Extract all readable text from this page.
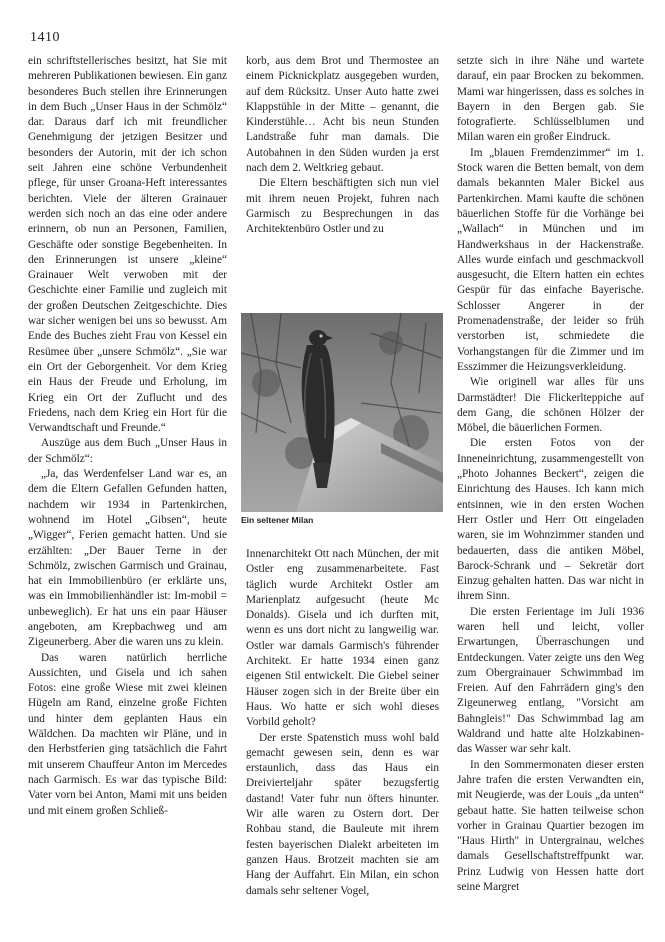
1410

ein schriftstellerisches besitzt, hat Sie mit mehreren Publikationen bewiesen. Ein ganz besonderes Buch stellen ihre Erinnerungen in dem Buch „Unser Haus in der Schmölz“ dar. Daraus darf ich mit freundlicher Genehmigung der jetzigen Besitzer und besonders der Autorin, mit der ich schon seit Jahren eine schöne Verbundenheit pflege, für unser Groana-Heft interessantes berichten. Viele der älteren Grainauer werden sich noch an das eine oder andere erinnern, ob nun an Personen, Familien, Geschäfte oder sonstige Begebenheiten. In den Erinnerungen ist unsere „kleine“ Grainauer Welt verwoben mit der Geschichte einer Familie und zugleich mit der großen Deutschen Zeitgeschichte. Dies war sicher wenigen bei uns so bewusst. Am Ende des Buches zieht Frau von Kessel ein Resümee über „unsere Schmölz“. „Sie war ein Ort der Geborgenheit. Vor dem Krieg ein Haus der Freude und Erholung, im Krieg ein Ort der Zuflucht und des Friedens, nach dem Krieg ein Hort für die Verwandtschaft und Freunde.“

Auszüge aus dem Buch „Unser Haus in der Schmölz“:

„Ja, das Werdenfelser Land war es, an dem die Eltern Gefallen Gefunden hatten, nachdem wir 1934 in Partenkirchen, wohnend im Hotel „Gibsen“, heute „Wigger“, Ferien gemacht hatten. Und sie erzählten: „Der Bauer Terne in der Schmölz, zwischen Garmisch und Grainau, hat ein Immobilienbüro (er erklärte uns, was ein Immobilienhändler ist: Im-mobil = unbeweglich). Er hat uns ein paar Häuser angeboten, am Krepbachweg und am Zigeunerberg. Aber die waren uns zu klein.

Das waren natürlich herrliche Aussichten, und Gisela und ich sahen Fotos: eine große Wiese mit zwei kleinen Hügeln am Rand, einzelne große Fichten und hinter dem geplanten Haus ein Wäldchen. Da machten wir Pläne, und in den Herbstferien ging tatsächlich die Fahrt mit unserem Chauffeur Anton im Mercedes nach Garmisch. Es war das typische Bild: Vater vorn bei Anton, Mami mit uns beiden und mit einem großen Schließ-

korb, aus dem Brot und Thermostee an einem Picknickplatz ausgegeben wurden, auf dem Rücksitz. Unser Auto hatte zwei Klappstühle in der Mitte – genannt, die Kinderstühle… Acht bis neun Stunden Landstraße fuhr man damals. Die Autobahnen in den Süden wurden ja erst nach dem 2. Weltkrieg gebaut.

Die Eltern beschäftigten sich nun viel mit ihrem neuen Projekt, fuhren nach Garmisch zu Besprechungen in das Architektenbüro Ostler und zu

Ein seltener Milan

Innenarchitekt Ott nach München, der mit Ostler eng zusammenarbeitete. Fast täglich wurde Architekt Ostler am Marienplatz aufgesucht (heute Mc Donalds). Gisela und ich durften mit, wenn es uns dort nicht zu langweilig war. Ostler war damals Garmisch's führender Architekt. Er hatte 1934 einen ganz eigenen Stil entwickelt. Die Giebel seiner Häuser zogen sich in der Breite über ein Haus. Wo hatte er sich wohl dieses Vorbild geholt?

Der erste Spatenstich muss wohl bald gemacht gewesen sein, denn es war erstaunlich, dass das Haus ein Dreivierteljahr später bezugsfertig dastand! Vater fuhr nun öfters hinunter. Wir alle waren zu Ostern dort. Der Rohbau stand, die Bauleute mit ihrem festen bayerischen Dialekt arbeiteten im ganzen Haus. Brotzeit machten sie am Hang der Auffahrt. Ein Milan, ein schon damals sehr seltener Vogel,

setzte sich in ihre Nähe und wartete darauf, ein paar Brocken zu bekommen. Mami war hingerissen, dass es solches in Bayern in den Bergen gab. Sie fotografierte. Schlüsselblumen und Milan waren ein großer Eindruck.

Im „blauen Fremdenzimmer“ im 1. Stock waren die Betten bemalt, von dem damals bekannten Maler Bickel aus Partenkirchen. Mami kaufte die schönen bäuerlichen Stoffe für die Vorhänge bei „Wallach“ in München und im Handwerkshaus in der Hackenstraße. Alles wurde einfach und geschmackvoll ausgesucht, die Eltern hatten ein echtes Gespür für das einfache Bayerische. Schlosser Angerer in der Promenadenstraße, der leider so früh verstorben ist, schmiedete die Vorhangstangen für die Zimmer und im Esszimmer die Heizungsverkleidung.

Wie originell war alles für uns Darmstädter! Die Flickerlteppiche auf dem Gang, die schönen Hölzer der Möbel, die bäuerlichen Formen.

Die ersten Fotos von der Inneneinrichtung, zusammengestellt von „Photo Johannes Beckert“, zeigen die Einrichtung des Hauses. Ich kann mich entsinnen, wie in den ersten Wochen Herr Ostler und Herr Ott eingeladen waren, sie im Wohnzimmer standen und bedauerten, dass die antiken Möbel, Barock-Schrank und – Sekretär dort Einzug gehalten hatten. Das war nicht in ihrem Sinn.

Die ersten Ferientage im Juli 1936 waren hell und leicht, voller Erwartungen, Überraschungen und Entdeckungen. Vater zeigte uns den Weg zum Obergrainauer Schwimmbad im Freien. Auf den Fahrrädern ging's den Zigeunerweg entlang, "Vorsicht am Bahngleis!" Das Schwimmbad lag am Waldrand und hatte alte Holzkabinen- das Wasser war sehr kalt.

In den Sommermonaten dieser ersten Jahre trafen die ersten Verwandten ein, mit Neugierde, was der Louis „da unten“ gebaut hatte. Sie hatten teilweise schon vorher in Grainau Quartier bezogen im "Haus Hirth" in Untergrainau, welches damals Gesellschaftstreffpunkt war. Prinz Ludwig von Hessen hatte dort seine Margret
